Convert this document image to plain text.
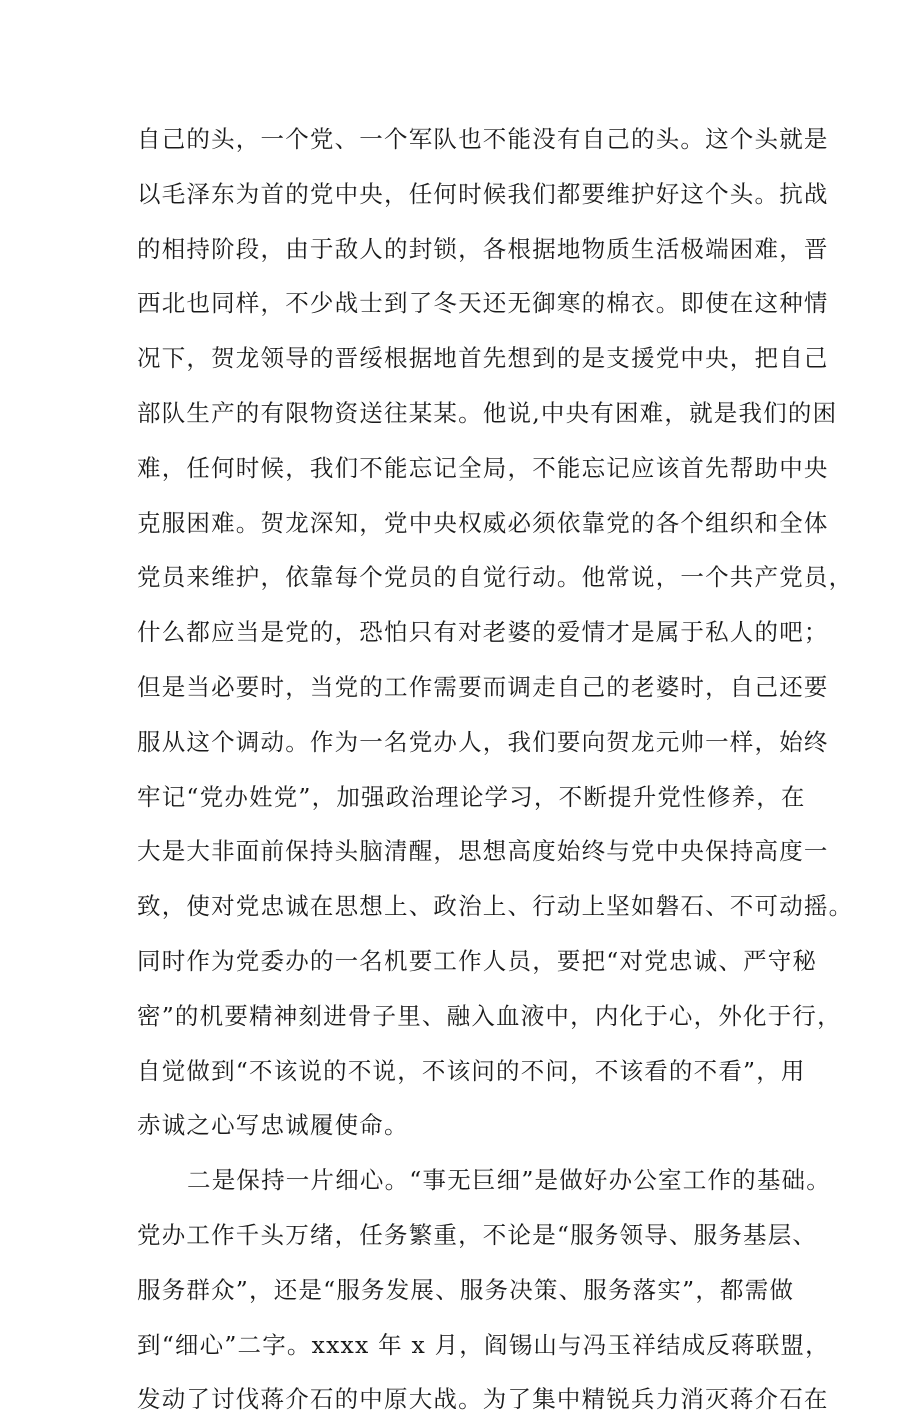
自己的头，一个党、一个军队也不能没有自己的头。这个头就是
以毛泽东为首的党中央，任何时候我们都要维护好这个头。抗战
的相持阶段，由于敌人的封锁，各根据地物质生活极端困难，晋
西北也同样，不少战士到了冬天还无御寒的棉衣。即使在这种情
况下，贺龙领导的晋绥根据地首先想到的是支援党中央，把自己
部队生产的有限物资送往某某。他说,中央有困难，就是我们的困
难，任何时候，我们不能忘记全局，不能忘记应该首先帮助中央
克服困难。贺龙深知，党中央权威必须依靠党的各个组织和全体
党员来维护，依靠每个党员的自觉行动。他常说，一个共产党员，
什么都应当是党的，恐怕只有对老婆的爱情才是属于私人的吧；
但是当必要时，当党的工作需要而调走自己的老婆时，自己还要
服从这个调动。作为一名党办人，我们要向贺龙元帅一样，始终
牢记“党办姓党”，加强政治理论学习，不断提升党性修养，在
大是大非面前保持头脑清醒，思想高度始终与党中央保持高度一
致，使对党忠诚在思想上、政治上、行动上坚如磐石、不可动摇。
同时作为党委办的一名机要工作人员，要把“对党忠诚、严守秘
密”的机要精神刻进骨子里、融入血液中，内化于心，外化于行，
自觉做到“不该说的不说，不该问的不问，不该看的不看”，用
赤诚之心写忠诚履使命。
二是保持一片细心。“事无巨细”是做好办公室工作的基础。
党办工作千头万绪，任务繁重，不论是“服务领导、服务基层、
服务群众”，还是“服务发展、服务决策、服务落实”，都需做
到“细心”二字。xxxx 年 x 月，阎锡山与冯玉祥结成反蒋联盟，
发动了讨伐蒋介石的中原大战。为了集中精锐兵力消灭蒋介石在
